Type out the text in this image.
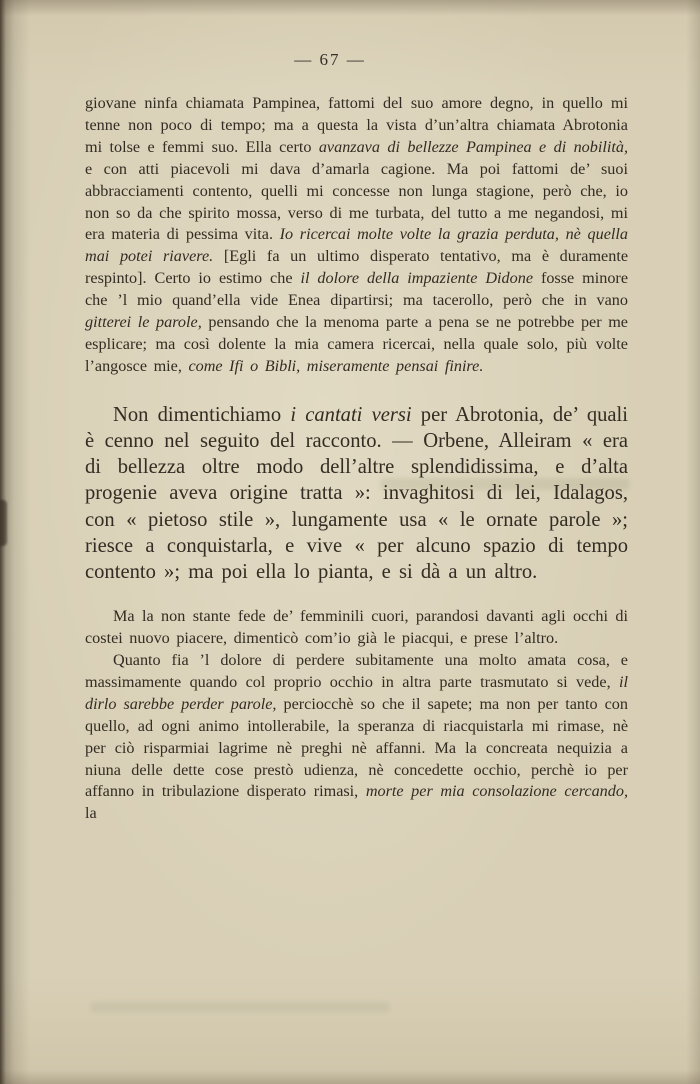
— 67 —

giovane ninfa chiamata Pampinea, fattomi del suo amore degno, in quello mi tenne non poco di tempo; ma a questa la vista d’un’altra chiamata Abrotonia mi tolse e femmi suo. Ella certo avanzava di bellezze Pampinea e di nobilità, e con atti piacevoli mi dava d’amarla cagione. Ma poi fattomi de’ suoi abbracciamenti contento, quelli mi concesse non lunga stagione, però che, io non so da che spirito mossa, verso di me turbata, del tutto a me negandosi, mi era materia di pessima vita. Io ricercai molte volte la grazia perduta, nè quella mai potei riavere. [Egli fa un ultimo disperato tentativo, ma è duramente respinto]. Certo io estimo che il dolore della impaziente Didone fosse minore che ’l mio quand’ella vide Enea dipartirsi; ma tacerollo, però che in vano gitterei le parole, pensando che la menoma parte a pena se ne potrebbe per me esplicare; ma così dolente la mia camera ricercai, nella quale solo, più volte l’angosce mie, come Ifi o Bibli, miseramente pensai finire.

Non dimentichiamo i cantati versi per Abrotonia, de’ quali è cenno nel seguito del racconto. — Orbene, Alleiram « era di bellezza oltre modo dell’altre splendidissima, e d’alta progenie aveva origine tratta »: invaghitosi di lei, Idalagos, con « pietoso stile », lungamente usa « le ornate parole »; riesce a conquistarla, e vive « per alcuno spazio di tempo contento »; ma poi ella lo pianta, e si dà a un altro.

Ma la non stante fede de’ femminili cuori, parandosi davanti agli occhi di costei nuovo piacere, dimenticò com’io già le piacqui, e prese l’altro.

Quanto fia ’l dolore di perdere subitamente una molto amata cosa, e massimamente quando col proprio occhio in altra parte trasmutato si vede, il dirlo sarebbe perder parole, perciocchè so che il sapete; ma non per tanto con quello, ad ogni animo intollerabile, la speranza di riacquistarla mi rimase, nè per ciò risparmiai lagrime nè preghi nè affanni. Ma la concreata nequizia a niuna delle dette cose prestò udienza, nè concedette occhio, perchè io per affanno in tribulazione disperato rimasi, morte per mia consolazione cercando, la
